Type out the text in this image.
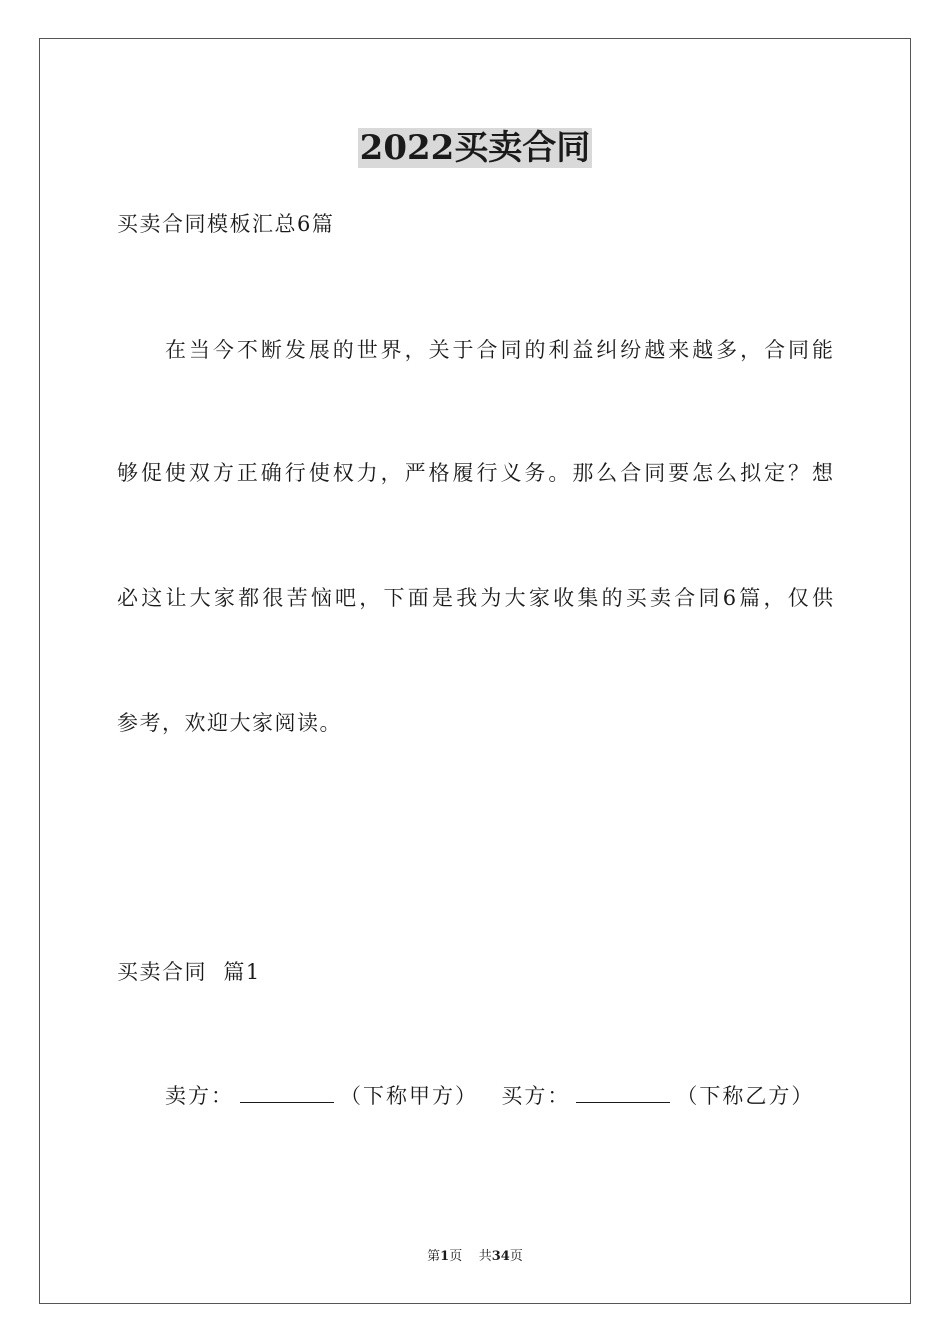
2022买卖合同
买卖合同模板汇总6篇
在当今不断发展的世界，关于合同的利益纠纷越来越多，合同能
够促使双方正确行使权力，严格履行义务。那么合同要怎么拟定？想
必这让大家都很苦恼吧，下面是我为大家收集的买卖合同6篇，仅供
参考，欢迎大家阅读。
买卖合同  篇1
卖方：	（下称甲方） 买方：	（下称乙方）
第1页 共34页
